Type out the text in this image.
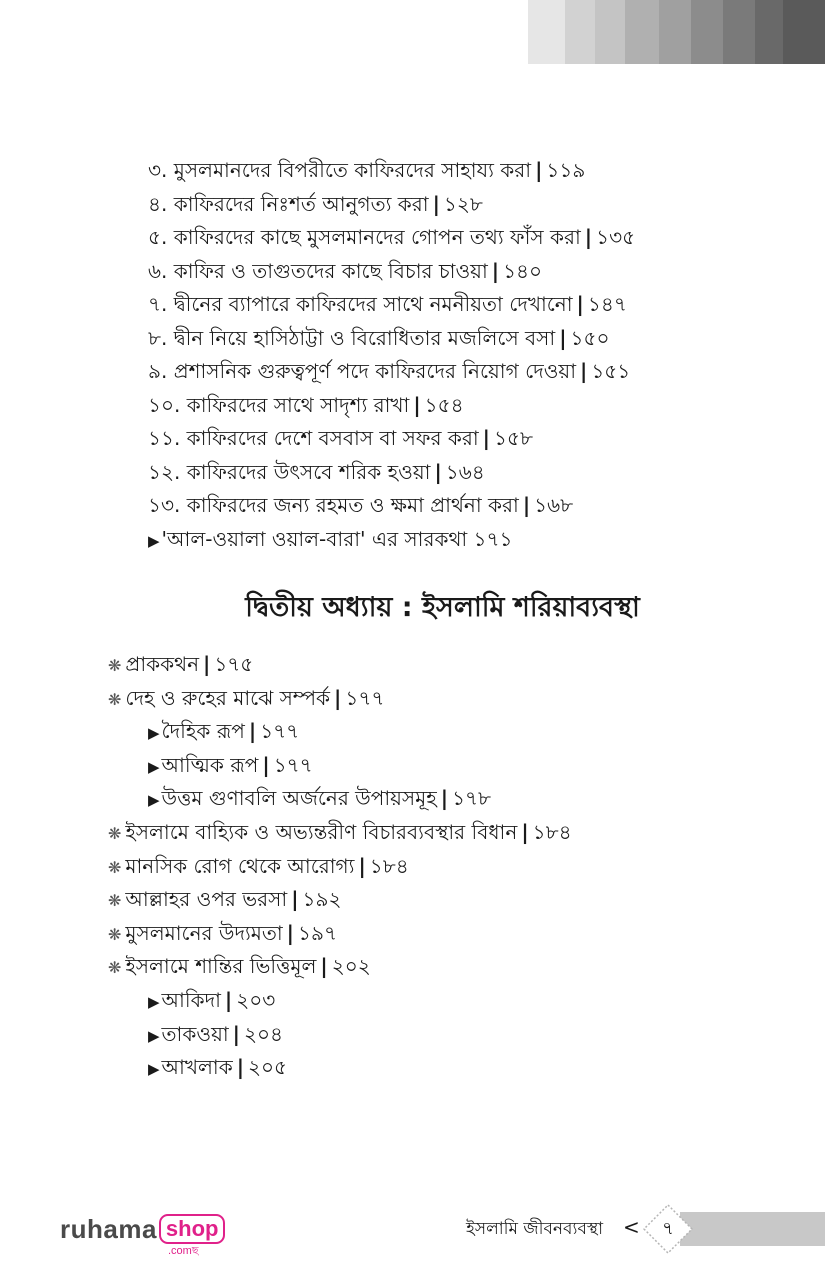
৩. মুসলমানদের বিপরীতে কাফিরদের সাহায্য করা | ১১৯
৪. কাফিরদের নিঃশর্ত আনুগত্য করা | ১২৮
৫. কাফিরদের কাছে মুসলমানদের গোপন তথ্য ফাঁস করা | ১৩৫
৬. কাফির ও তাগুতদের কাছে বিচার চাওয়া | ১৪০
৭. দ্বীনের ব্যাপারে কাফিরদের সাথে নমনীয়তা দেখানো | ১৪৭
৮. দ্বীন নিয়ে হাসিঠাট্টা ও বিরোধিতার মজলিসে বসা | ১৫০
৯. প্রশাসনিক গুরুত্বপূর্ণ পদে কাফিরদের নিয়োগ দেওয়া | ১৫১
১০. কাফিরদের সাথে সাদৃশ্য রাখা | ১৫৪
১১. কাফিরদের দেশে বসবাস বা সফর করা | ১৫৮
১২. কাফিরদের উৎসবে শরিক হওয়া | ১৬৪
১৩. কাফিরদের জন্য রহমত ও ক্ষমা প্রার্থনা করা | ১৬৮
▶ 'আল-ওয়ালা ওয়াল-বারা' এর সারকথা ১৭১
❋ প্রাককথন | ১৭৫
❋ দেহ ও রুহের মাঝে সম্পর্ক | ১৭৭
▶ দৈহিক রূপ | ১৭৭
▶ আত্মিক রূপ | ১৭৭
▶ উত্তম গুণাবলি অর্জনের উপায়সমূহ | ১৭৮
❋ ইসলামে বাহ্যিক ও অভ্যন্তরীণ বিচারব্যবস্থার বিধান | ১৮৪
❋ মানসিক রোগ থেকে আরোগ্য | ১৮৪
❋ আল্লাহর ওপর ভরসা | ১৯২
❋ মুসলমানের উদ্যমতা | ১৯৭
❋ ইসলামে শান্তির ভিত্তিমূল | ২০২
▶ আকিদা | ২০৩
▶ তাকওয়া | ২০৪
▶ আখলাক | ২০৫
দ্বিতীয় অধ্যায় : ইসলামি শরিয়াব্যবস্থা
ruhama shop
.comছ
ইসলামি জীবনব্যবস্থা < ৭
